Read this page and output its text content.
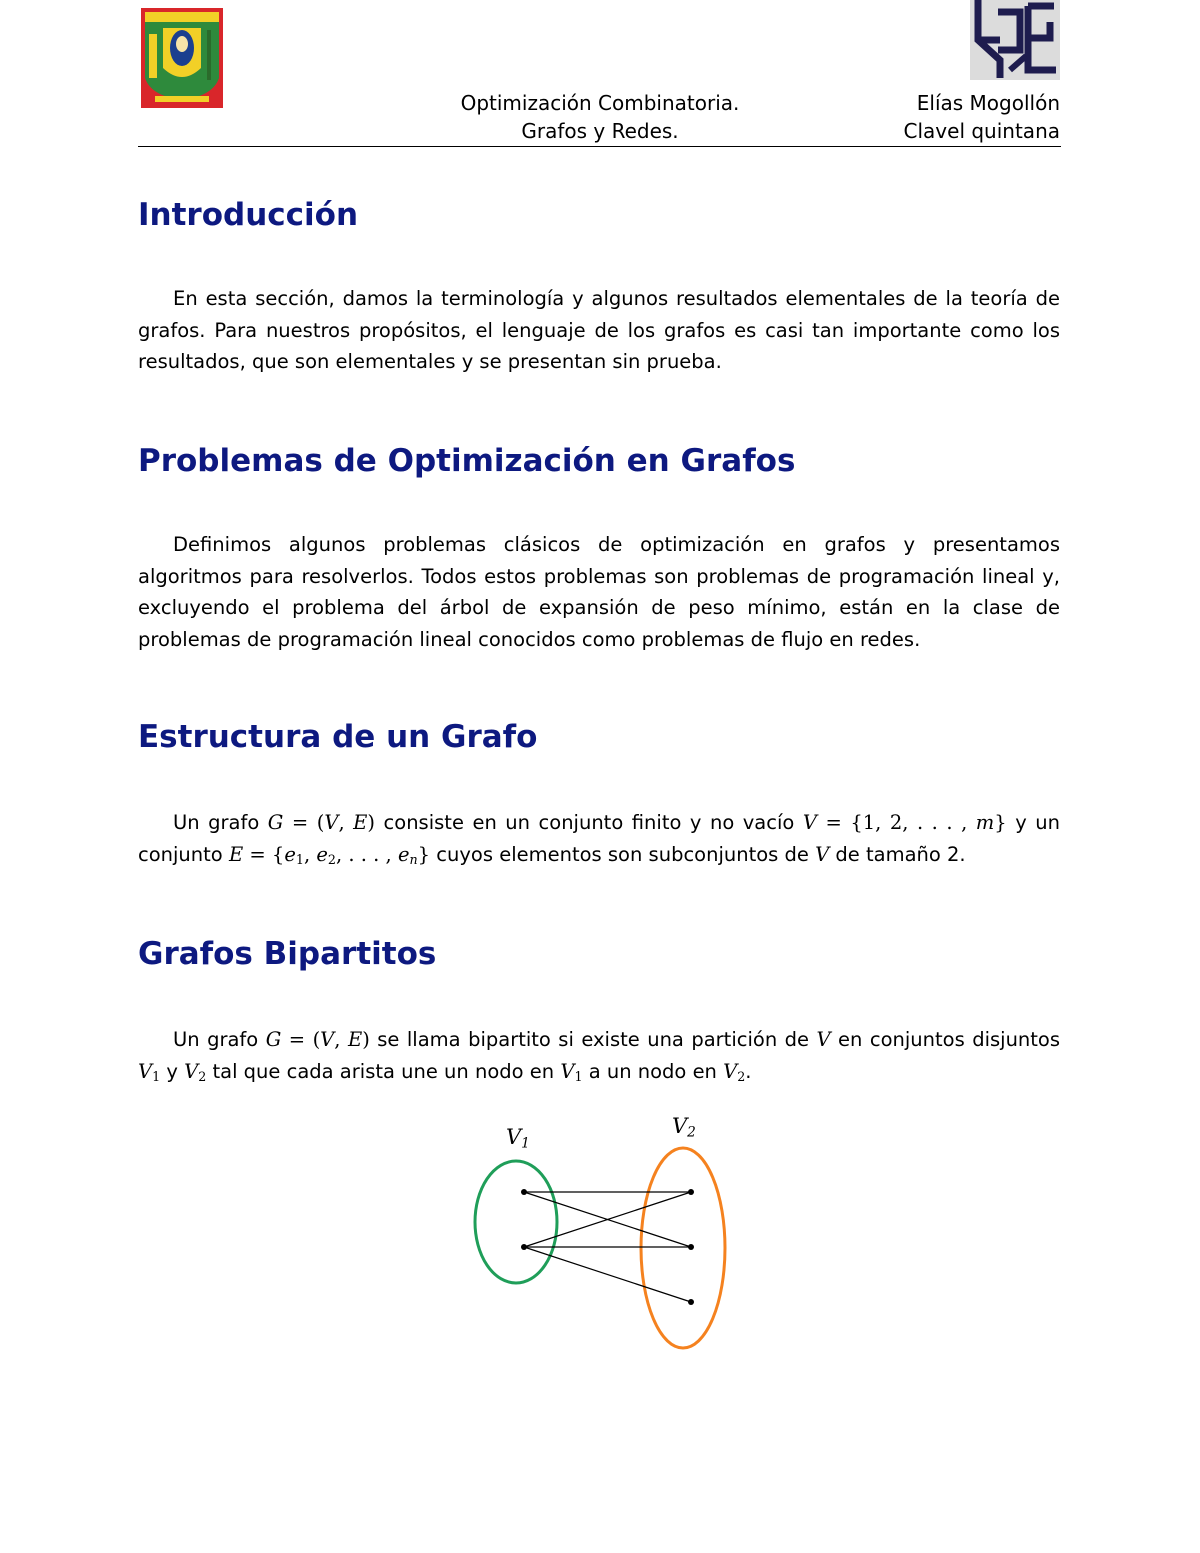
Optimización Combinatoria.
Grafos y Redes.
Elías Mogollón
Clavel quintana
Introducción
En esta sección, damos la terminología y algunos resultados elementales de la teoría de grafos. Para nuestros propósitos, el lenguaje de los grafos es casi tan importante como los resultados, que son elementales y se presentan sin prueba.
Problemas de Optimización en Grafos
Definimos algunos problemas clásicos de optimización en grafos y presentamos algoritmos para resolverlos. Todos estos problemas son problemas de programación lineal y, excluyendo el problema del árbol de expansión de peso mínimo, están en la clase de problemas de programación lineal conocidos como problemas de flujo en redes.
Estructura de un Grafo
Un grafo G = (V, E) consiste en un conjunto finito y no vacío V = {1, 2, . . . , m} y un conjunto $E = \{e_1$, $e_2$, . . . , $e_n$} cuyos elementos son subconjuntos de V de tamaño 2.
Grafos Bipartitos
Un grafo G = (V, E) se llama bipartito si existe una partición de V en conjuntos disjuntos $V_1$ y $V_2$ tal que cada arista une un nodo en $V_1$ a un nodo en $V_2$.
$V_1$
$V_2$
